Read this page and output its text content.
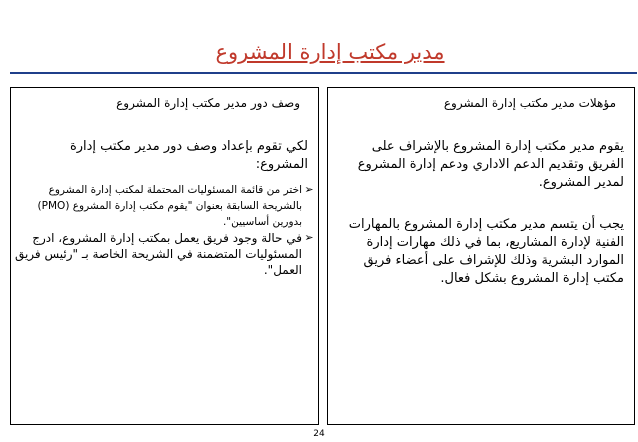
مدير مكتب إدارة المشروع
مؤهلات مدير مكتب إدارة المشروع
يقوم مدير مكتب إدارة المشروع بالإشراف على الفريق وتقديم الدعم الاداري ودعم إدارة المشروع لمدير المشروع.
يجب أن يتسم مدير مكتب إدارة المشروع بالمهارات الفنية لإدارة المشاريع، بما في ذلك مهارات إدارة الموارد البشرية وذلك للإشراف على أعضاء فريق مكتب إدارة المشروع بشكل فعال.
وصف دور مدير مكتب إدارة المشروع
لكي تقوم بإعداد وصف دور مدير مكتب إدارة المشروع:
➢
اختر من قائمة المسئوليات المحتملة لمكتب إدارة المشروع بالشريحة السابقة بعنوان "يقوم مكتب إدارة المشروع (PMO) بدورين أساسيين".
➢
في حالة وجود فريق يعمل بمكتب إدارة المشروع، ادرج المسئوليات المتضمنة في الشريحة الخاصة بـ "رئيس فريق العمل".
24
